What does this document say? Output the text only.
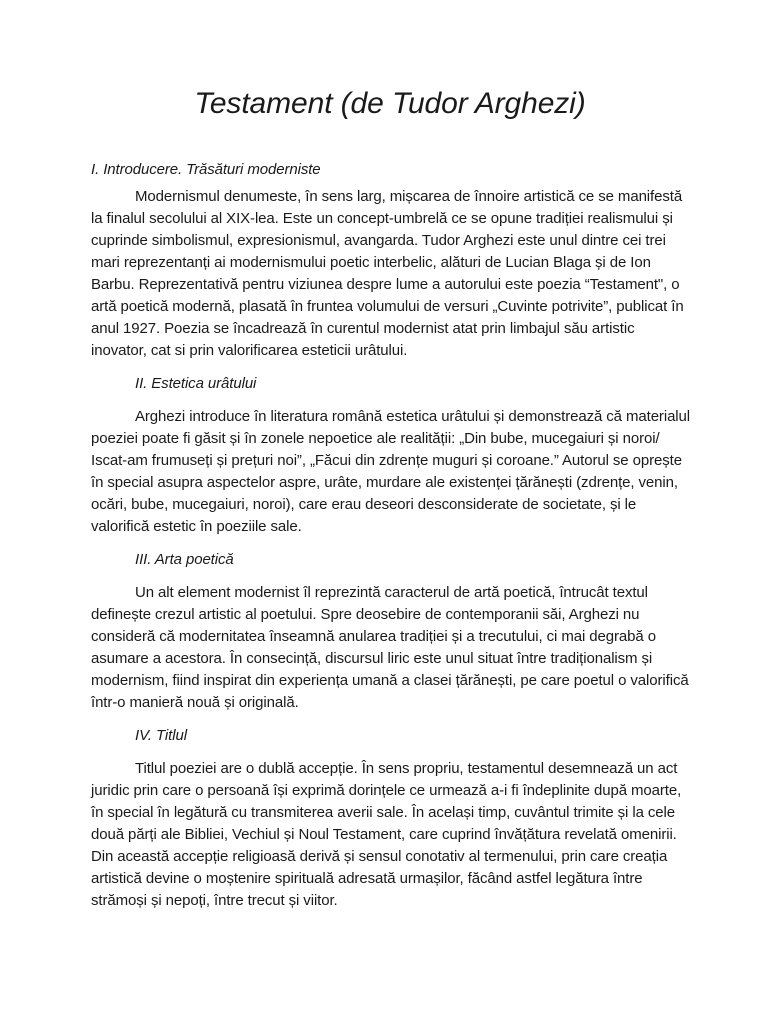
Testament (de Tudor Arghezi)
I. Introducere. Trăsături moderniste

Modernismul denumeste, în sens larg, mișcarea de înnoire artistică ce se manifestă la finalul secolului al XIX-lea. Este un concept-umbrelă ce se opune tradiției realismului și cuprinde simbolismul, expresionismul, avangarda. Tudor Arghezi este unul dintre cei trei mari reprezentanți ai modernismului poetic interbelic, alături de Lucian Blaga și de Ion Barbu. Reprezentativă pentru viziunea despre lume a autorului este poezia “Testament", o artă poetică modernă, plasată în fruntea volumului de versuri „Cuvinte potrivite”, publicat în anul 1927. Poezia se încadrează în curentul modernist atat prin limbajul său artistic inovator, cat si prin valorificarea esteticii urâtului.

II. Estetica urâtului

Arghezi introduce în literatura română estetica urâtului și demonstrează că materialul poeziei poate fi găsit și în zonele nepoetice ale realității: „Din bube, mucegaiuri și noroi/ Iscat-am frumuseți și prețuri noi”, „Făcui din zdrențe muguri și coroane.” Autorul se oprește în special asupra aspectelor aspre, urâte, murdare ale existenței țărănești (zdrențe, venin, ocări, bube, mucegaiuri, noroi), care erau deseori desconsiderate de societate, și le valorifică estetic în poeziile sale.

III. Arta poetică

Un alt element modernist îl reprezintă caracterul de artă poetică, întrucât textul definește crezul artistic al poetului. Spre deosebire de contemporanii săi, Arghezi nu consideră că modernitatea înseamnă anularea tradiției și a trecutului, ci mai degrabă o asumare a acestora. În consecință, discursul liric este unul situat între tradiționalism și modernism, fiind inspirat din experiența umană a clasei țărănești, pe care poetul o valorifică într-o manieră nouă și originală.

IV. Titlul

Titlul poeziei are o dublă accepție. În sens propriu, testamentul desemnează un act juridic prin care o persoană își exprimă dorințele ce urmează a-i fi îndeplinite după moarte, în special în legătură cu transmiterea averii sale. În același timp, cuvântul trimite și la cele două părți ale Bibliei, Vechiul și Noul Testament, care cuprind învățătura revelată omenirii. Din această accepție religioasă derivă și sensul conotativ al termenului, prin care creația artistică devine o moștenire spirituală adresată urmașilor, făcând astfel legătura între strămoși și nepoți, între trecut și viitor.
